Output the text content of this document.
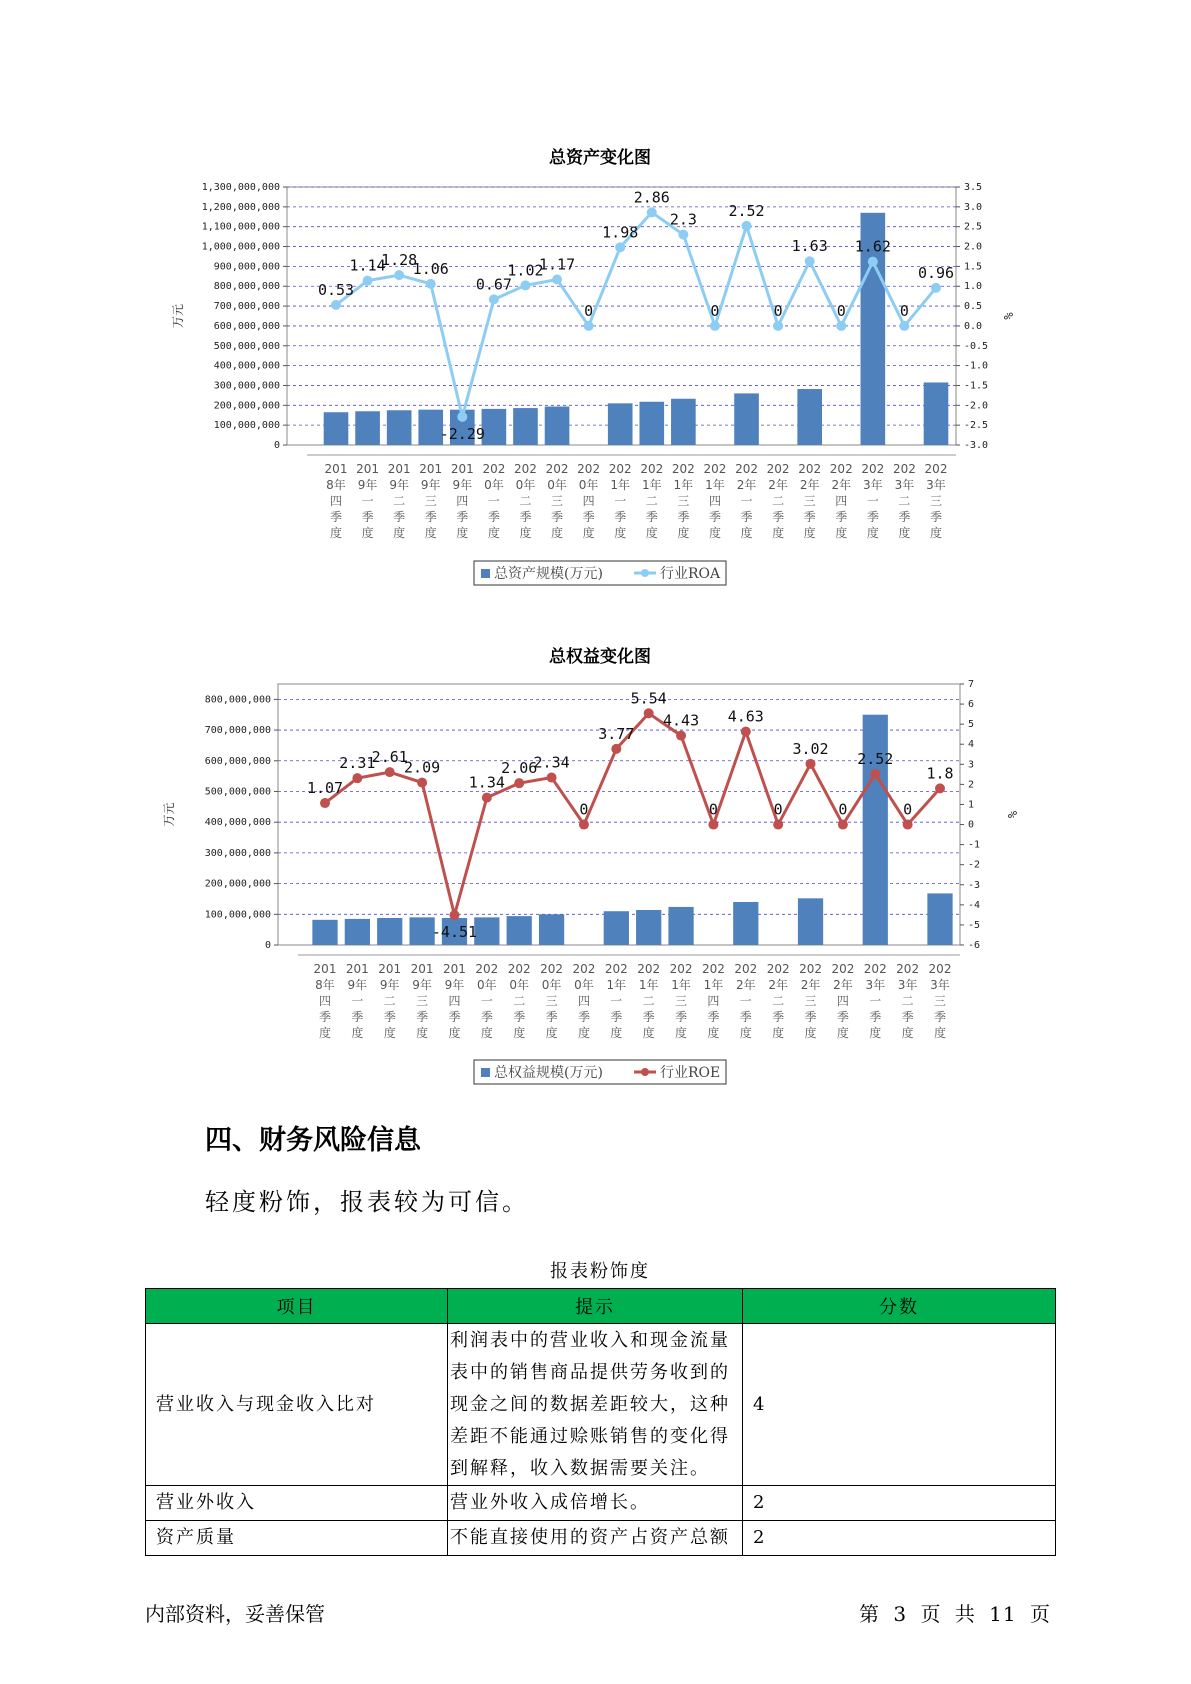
总资产变化图
1,300,000,000
1,200,000,000
1,100,000,000
1,000,000,000
900,000,000
800,000,000
700,000,000
600,000,000
500,000,000
400,000,000
300,000,000
200,000,000
100,000,000
0
3.5
3.0
2.5
2.0
1.5
1.0
0.5
0.0
-0.5
-1.0
-1.5
-2.0
-2.5
-3.0
万元	%
201 8年四季度
201 9年一季度
201 9年二季度
201 9年三季度
201 9年四季度
202 0年一季度
202 0年二季度
202 0年三季度
202 0年四季度
202 1年一季度
202 1年二季度
202 1年三季度
202 1年四季度
202 2年一季度
202 2年二季度
202 2年三季度
202 2年四季度
202 3年一季度
202 3年二季度
202 3年三季度
0.53
1.14
1.28
1.06
-2.29
0.67
1.02
1.17
0
1.98
2.86
2.3
0
2.52
0
1.63
0
1.62
0
0.96
总资产规模(万元)	行业ROA
总权益变化图
800,000,000
700,000,000
600,000,000
500,000,000
400,000,000
300,000,000
200,000,000
100,000,000
0
7
6
5
4
3
2
1
0
-1
-2
-3
-4
-5
-6
万元	%
201 8年四季度
201 9年一季度
201 9年二季度
201 9年三季度
201 9年四季度
202 0年一季度
202 0年二季度
202 0年三季度
202 0年四季度
202 1年一季度
202 1年二季度
202 1年三季度
202 1年四季度
202 2年一季度
202 2年二季度
202 2年三季度
202 2年四季度
202 3年一季度
202 3年二季度
202 3年三季度
1.07
2.31
2.61
2.09
-4.51
1.34
2.06
2.34
0
3.77
5.54
4.43
0
4.63
0
3.02
0
2.52
0
1.8
总权益规模(万元)	行业ROE
四、财务风险信息
轻度粉饰，报表较为可信。
报表粉饰度
项目	提示	分数
营业收入与现金收入比对	利润表中的营业收入和现金流量表中的销售商品提供劳务收到的现金之间的数据差距较大，这种差距不能通过赊账销售的变化得到解释，收入数据需要关注。	4
营业外收入	营业外收入成倍增长。	2
资产质量	不能直接使用的资产占资产总额	2
内部资料，妥善保管	第 3 页 共 11 页
